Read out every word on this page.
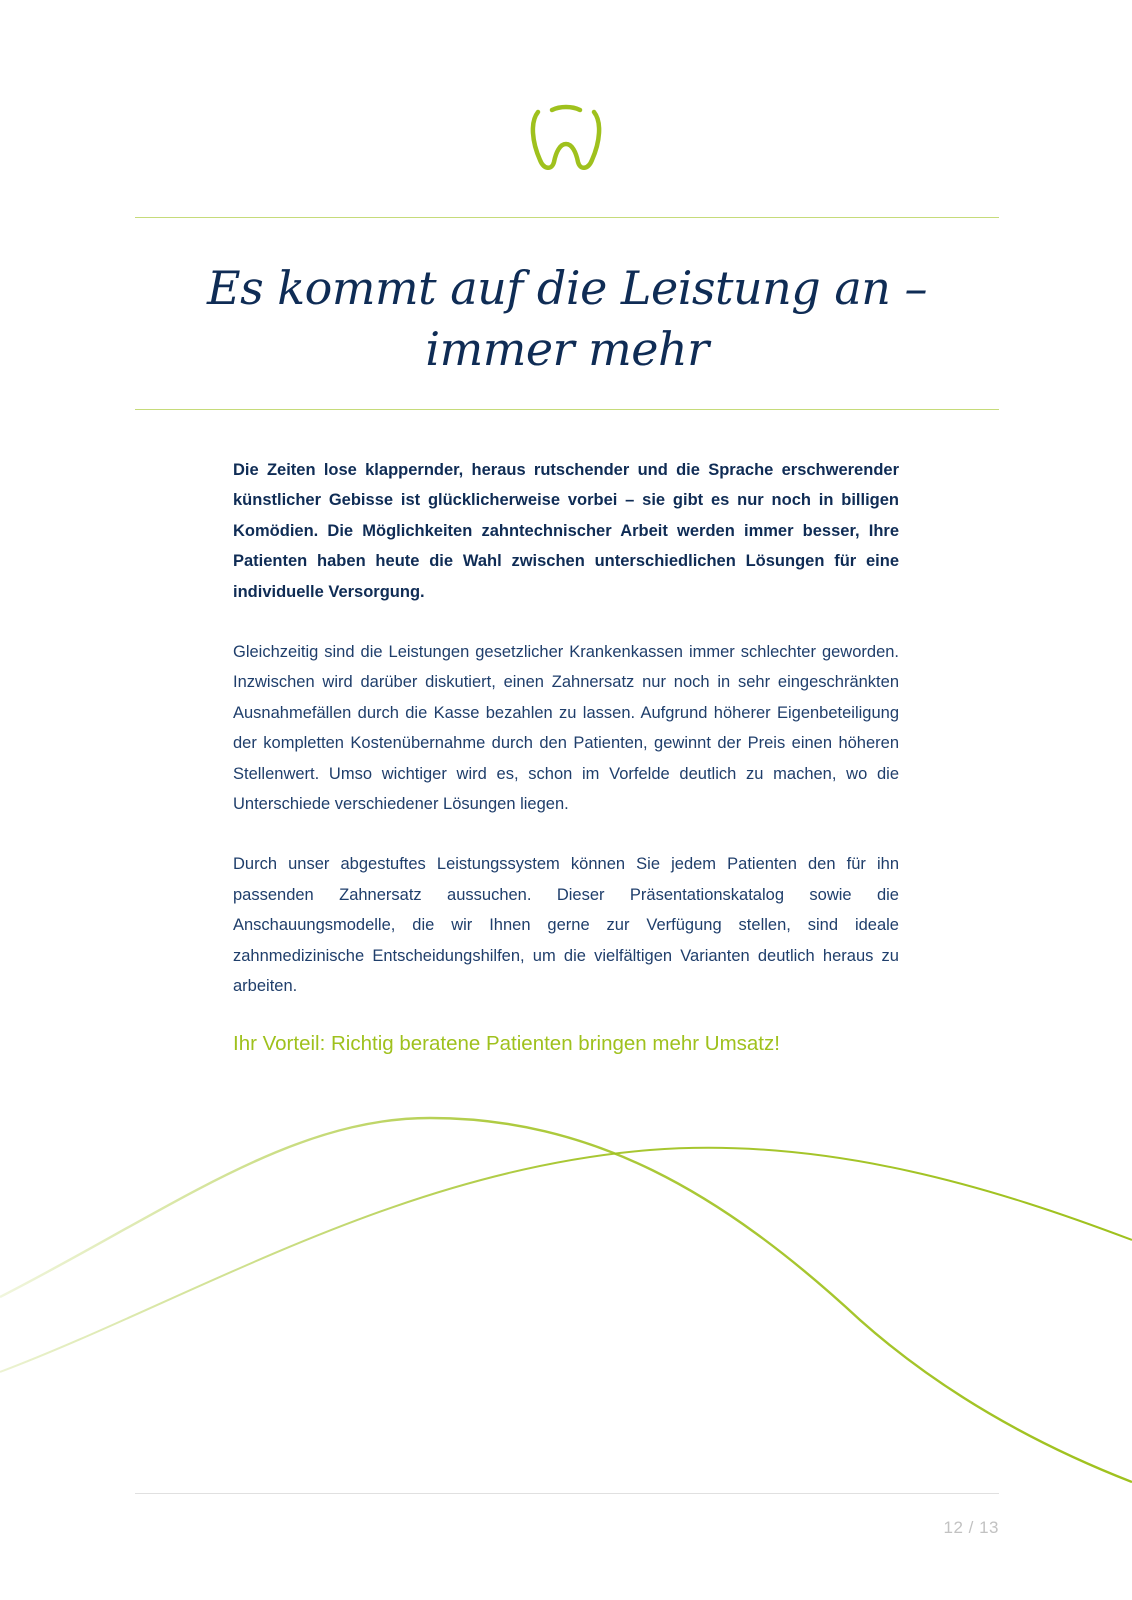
Es kommt auf die Leistung an –
immer mehr

Die Zeiten lose klappernder, heraus rutschender und die Sprache erschwerender künstlicher Gebisse ist glücklicherweise vorbei – sie gibt es nur noch in billigen Komödien. Die Möglichkeiten zahntechnischer Arbeit werden immer besser, Ihre Patienten haben heute die Wahl zwischen unterschiedlichen Lösungen für eine individuelle Versorgung.

Gleichzeitig sind die Leistungen gesetzlicher Krankenkassen immer schlechter geworden. Inzwischen wird darüber diskutiert, einen Zahnersatz nur noch in sehr eingeschränkten Ausnahmefällen durch die Kasse bezahlen zu lassen. Aufgrund höherer Eigenbeteiligung der kompletten Kostenübernahme durch den Patienten, gewinnt der Preis einen höheren Stellenwert. Umso wichtiger wird es, schon im Vorfelde deutlich zu machen, wo die Unterschiede verschiedener Lösungen liegen.

Durch unser abgestuftes Leistungssystem können Sie jedem Patienten den für ihn passenden Zahnersatz aussuchen. Dieser Präsentationskatalog sowie die Anschauungsmodelle, die wir Ihnen gerne zur Verfügung stellen, sind ideale zahnmedizinische Entscheidungshilfen, um die vielfältigen Varianten deutlich heraus zu arbeiten.

Ihr Vorteil: Richtig beratene Patienten bringen mehr Umsatz!

12 / 13
